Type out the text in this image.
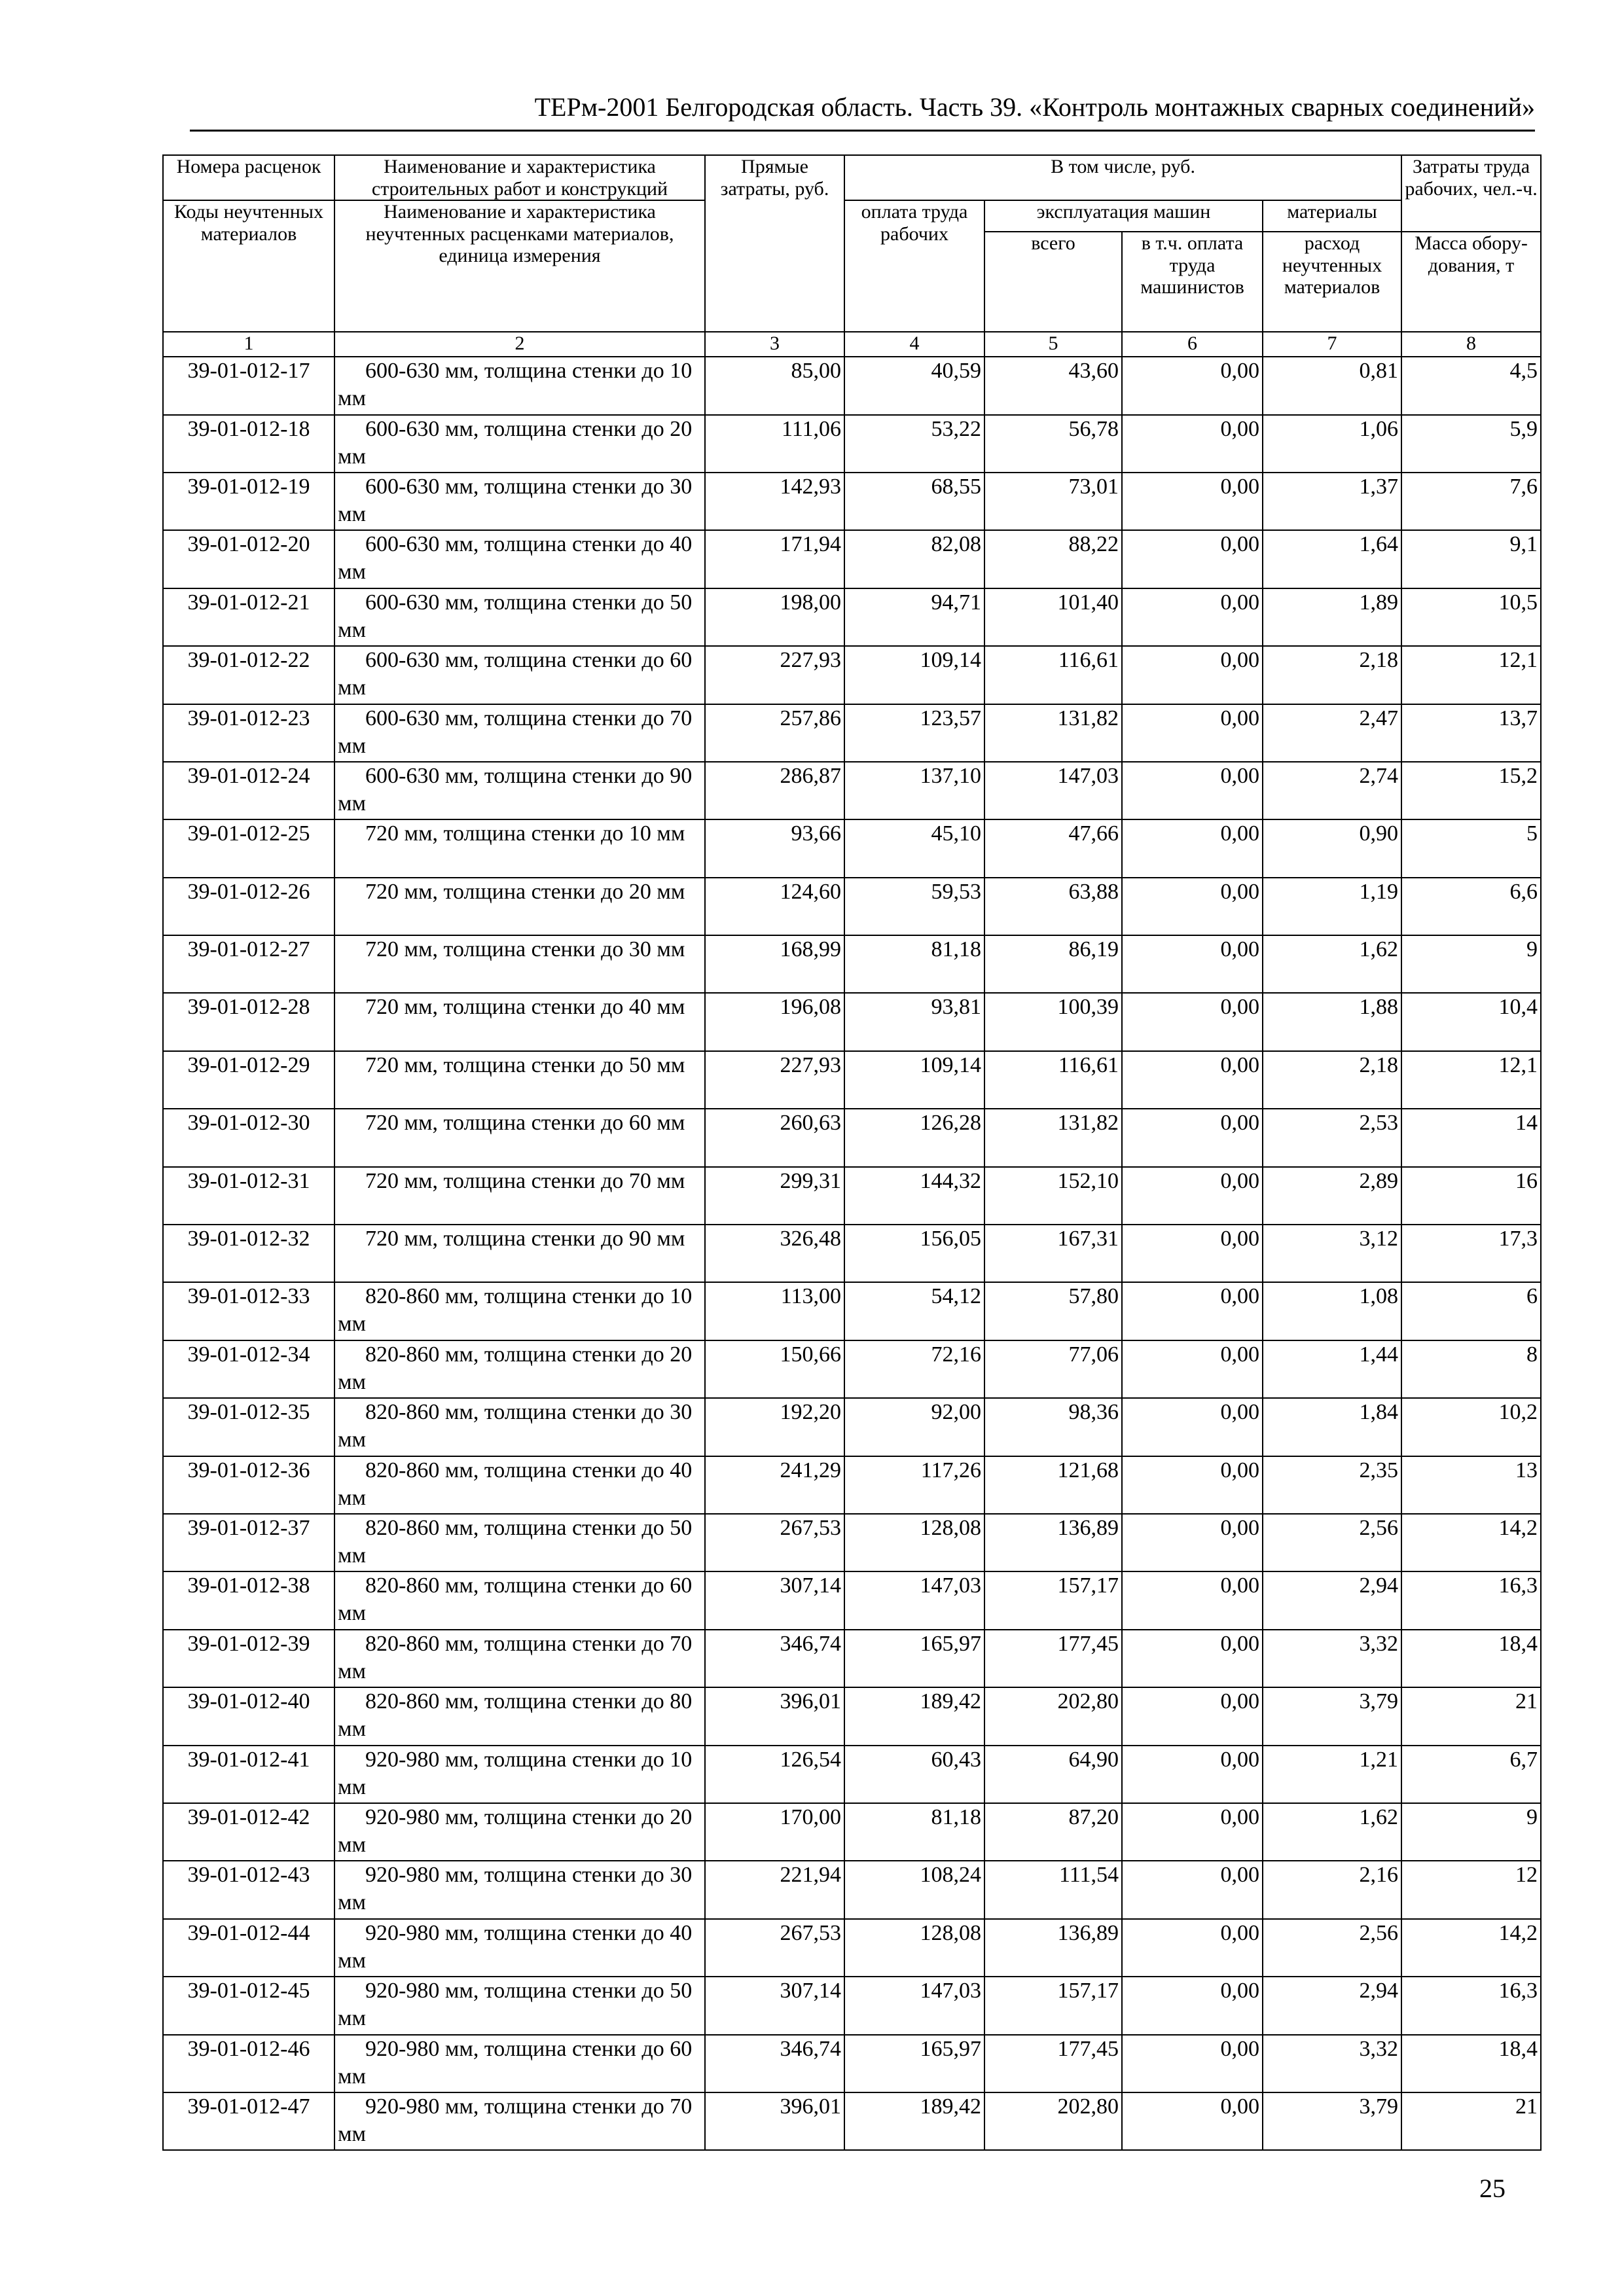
ТЕРм-2001 Белгородская область. Часть 39. «Контроль монтажных сварных соединений»
Номера расценок	Наименование и характеристика строительных работ и конструкций	Прямые затраты, руб.	В том числе, руб.				Затраты труда рабочих, чел.-ч.
Коды неучтенных материалов	Наименование и характеристика неучтенных расценками материалов, единица измерения		оплата труда рабочих	эксплуатация машин		материалы	
				всего	в т.ч. оплата труда машинистов	расход неучтенных материалов	Масса обору-дования, т
1	2	3	4	5	6	7	8
39-01-012-17	600-630 мм, толщина стенки до 10 мм	85,00	40,59	43,60	0,00	0,81	4,5
39-01-012-18	600-630 мм, толщина стенки до 20 мм	111,06	53,22	56,78	0,00	1,06	5,9
39-01-012-19	600-630 мм, толщина стенки до 30 мм	142,93	68,55	73,01	0,00	1,37	7,6
39-01-012-20	600-630 мм, толщина стенки до 40 мм	171,94	82,08	88,22	0,00	1,64	9,1
39-01-012-21	600-630 мм, толщина стенки до 50 мм	198,00	94,71	101,40	0,00	1,89	10,5
39-01-012-22	600-630 мм, толщина стенки до 60 мм	227,93	109,14	116,61	0,00	2,18	12,1
39-01-012-23	600-630 мм, толщина стенки до 70 мм	257,86	123,57	131,82	0,00	2,47	13,7
39-01-012-24	600-630 мм, толщина стенки до 90 мм	286,87	137,10	147,03	0,00	2,74	15,2
39-01-012-25	720 мм, толщина стенки до 10 мм	93,66	45,10	47,66	0,00	0,90	5
39-01-012-26	720 мм, толщина стенки до 20 мм	124,60	59,53	63,88	0,00	1,19	6,6
39-01-012-27	720 мм, толщина стенки до 30 мм	168,99	81,18	86,19	0,00	1,62	9
39-01-012-28	720 мм, толщина стенки до 40 мм	196,08	93,81	100,39	0,00	1,88	10,4
39-01-012-29	720 мм, толщина стенки до 50 мм	227,93	109,14	116,61	0,00	2,18	12,1
39-01-012-30	720 мм, толщина стенки до 60 мм	260,63	126,28	131,82	0,00	2,53	14
39-01-012-31	720 мм, толщина стенки до 70 мм	299,31	144,32	152,10	0,00	2,89	16
39-01-012-32	720 мм, толщина стенки до 90 мм	326,48	156,05	167,31	0,00	3,12	17,3
39-01-012-33	820-860 мм, толщина стенки до 10 мм	113,00	54,12	57,80	0,00	1,08	6
39-01-012-34	820-860 мм, толщина стенки до 20 мм	150,66	72,16	77,06	0,00	1,44	8
39-01-012-35	820-860 мм, толщина стенки до 30 мм	192,20	92,00	98,36	0,00	1,84	10,2
39-01-012-36	820-860 мм, толщина стенки до 40 мм	241,29	117,26	121,68	0,00	2,35	13
39-01-012-37	820-860 мм, толщина стенки до 50 мм	267,53	128,08	136,89	0,00	2,56	14,2
39-01-012-38	820-860 мм, толщина стенки до 60 мм	307,14	147,03	157,17	0,00	2,94	16,3
39-01-012-39	820-860 мм, толщина стенки до 70 мм	346,74	165,97	177,45	0,00	3,32	18,4
39-01-012-40	820-860 мм, толщина стенки до 80 мм	396,01	189,42	202,80	0,00	3,79	21
39-01-012-41	920-980 мм, толщина стенки до 10 мм	126,54	60,43	64,90	0,00	1,21	6,7
39-01-012-42	920-980 мм, толщина стенки до 20 мм	170,00	81,18	87,20	0,00	1,62	9
39-01-012-43	920-980 мм, толщина стенки до 30 мм	221,94	108,24	111,54	0,00	2,16	12
39-01-012-44	920-980 мм, толщина стенки до 40 мм	267,53	128,08	136,89	0,00	2,56	14,2
39-01-012-45	920-980 мм, толщина стенки до 50 мм	307,14	147,03	157,17	0,00	2,94	16,3
39-01-012-46	920-980 мм, толщина стенки до 60 мм	346,74	165,97	177,45	0,00	3,32	18,4
39-01-012-47	920-980 мм, толщина стенки до 70 мм	396,01	189,42	202,80	0,00	3,79	21
25
